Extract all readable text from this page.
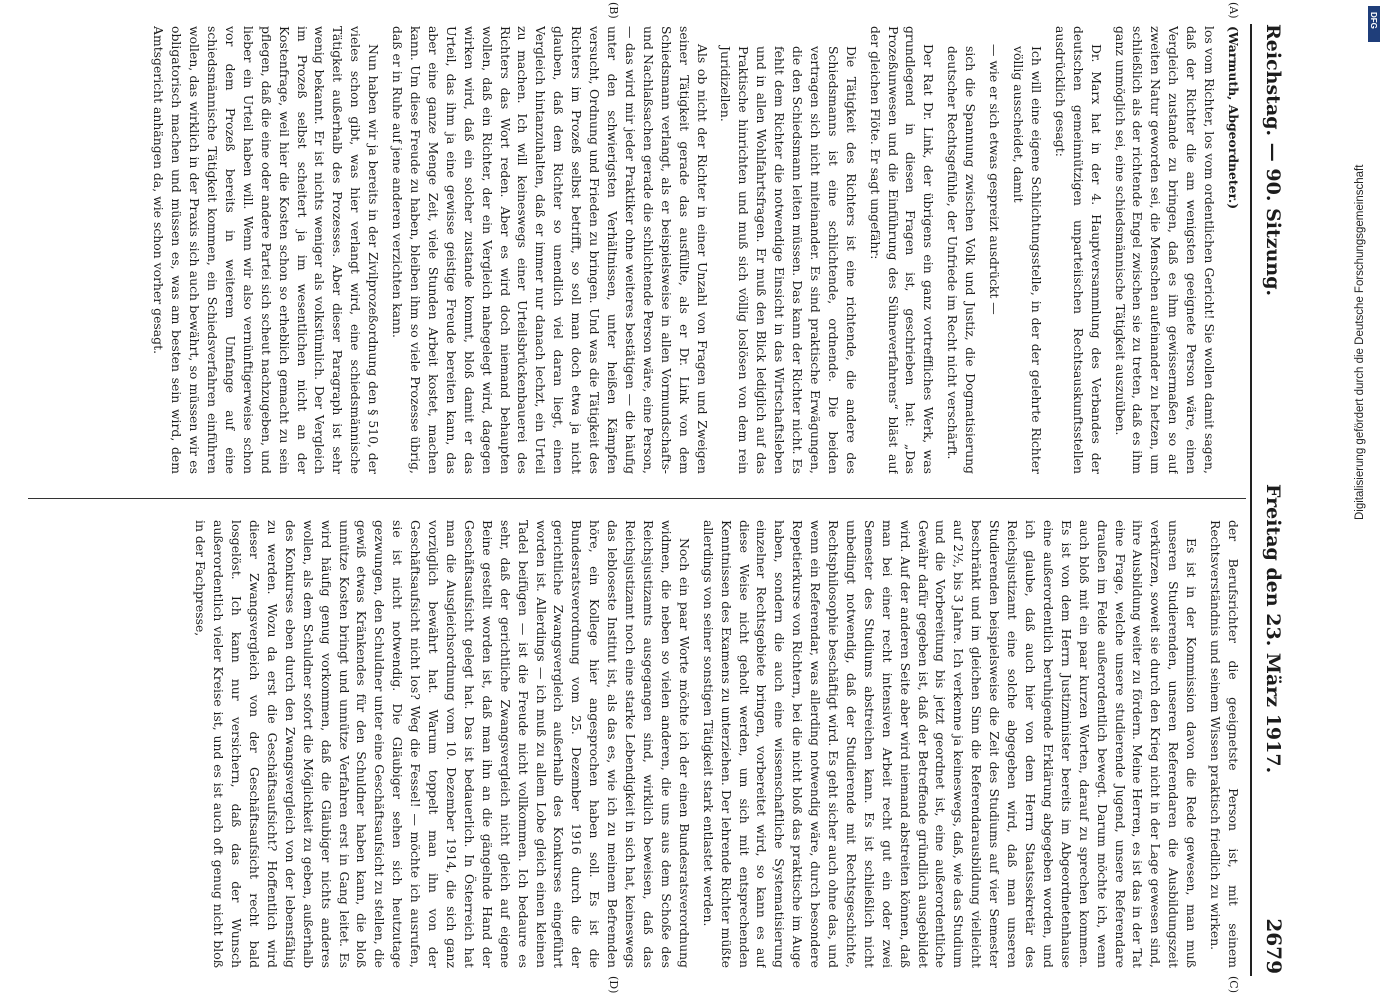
Reichstag. — 90. Sitzung.
Freitag den 23. März 1917.
2679
(A)
(B)
(C)
(D)

(Warmuth, Abgeordneter.)

los vom Richter, los vom ordentlichen Gericht! Sie wollen damit sagen, daß der Richter die am wenigsten geeignete Person wäre, einen Vergleich zustande zu bringen, daß es ihm gewissermaßen so auf zweiten Natur geworden sei, die Menschen aufeinander zu hetzen, um schließlich als der richtende Engel zwischen sie zu treten, daß es ihm ganz unmöglich sei, eine schiedsmännische Tätigkeit auszuüben.

Dr. Marx hat in der 4. Hauptversammlung des Verbandes der deutschen gemeinnützigen unparteiischen Rechtsauskunftsstellen ausdrücklich gesagt:

Ich will eine eigene Schlichtungsstelle, in der der gelehrte Richter völlig ausscheidet, damit

— wie er sich etwas gespreizt ausdrückt —

sich die Spannung zwischen Volk und Justiz, die Dogmatisierung deutscher Rechtsgefühle, der Unfriede im Recht nicht verschärft.

Der Rat Dr. Link, der übrigens ein ganz vortreffliches Werk, was grundlegend in diesen Fragen ist, geschrieben hat: „Das Prozeßunwesen und die Einführung des Sühneverfahrens“ bläst auf der gleichen Flöte. Er sagt ungefähr:

Die Tätigkeit des Richters ist eine richtende, die andere des Schiedsmanns ist eine schlichtende, ordnende. Die beiden vertragen sich nicht miteinander. Es sind praktische Erwägungen, die den Schiedsmann leiten müssen. Das kann der Richter nicht. Es fehlt dem Richter die notwendige Einsicht in das Wirtschaftsleben und in allen Wohlfahrtsfragen. Er muß den Blick lediglich auf das Praktische hinrichten und muß sich völlig loslösen von dem rein Juridizellen.

Als ob nicht der Richter in einer Unzahl von Fragen und Zweigen seiner Tätigkeit gerade das ausfüllte, als er Dr. Link von dem Schiedsmann verlangt, als er beispielsweise in allen Vormundschafts- und Nachlaßsachen gerade die schlichtende Person wäre, eine Person, — das wird mir jeder Praktiker ohne weiteres bestätigen — die häufig unter den schwierigsten Verhältnissen, unter heißen Kämpfen versucht, Ordnung und Frieden zu bringen. Und was die Tätigkeit des Richters im Prozeß selbst betrifft, so soll man doch etwa ja nicht glauben, daß dem Richter so unendlich viel daran liegt, einen Vergleich hintanzuhalten, daß er immer nur danach lechzt, ein Urteil zu machen. Ich will keineswegs einer Urteilsbrückenbauerei des Richters das Wort reden. Aber es wird doch niemand behaupten wollen, daß ein Richter, der ein Vergleich nahegelegt wird, dagegen wirken wird, daß ein solcher zustande kommt, bloß damit er das Urteil, das ihm ja eine gewisse geistige Freude bereiten kann, das aber eine ganze Menge Zeit, viele Stunden Arbeit kostet, machen kann. Um diese Freude zu haben, bleiben ihm so viele Prozesse übrig, daß er in Ruhe auf jene anderen verzichten kann.

Nun haben wir ja bereits in der Zivilprozeßordnung den § 510, der vieles schon gibt, was hier verlangt wird, eine schiedsmännische Tätigkeit außerhalb des Prozesses. Aber dieser Paragraph ist sehr wenig bekannt. Er ist nichts weniger als volkstümlich. Der Vergleich im Prozeß selbst scheitert ja im wesentlichen nicht an der Kostenfrage, weil hier die Kosten schon so erheblich gemacht zu sein pflegen, daß die eine oder andere Partei sich scheut nachzugeben, und lieber ein Urteil haben will. Wenn wir also vernünftigerweise schon vor dem Prozeß bereits in weiterem Umfange auf eine schiedsmännische Tätigkeit kommen, ein Schiedsverfahren einführen wollen, das wirklich in der Praxis sich auch bewährt, so müssen wir es obligatorisch machen und müssen es, was am besten sein wird, dem Amtsgericht anhängen da, wie schon vorher gesagt.

der Berufsrichter die geeignetste Person ist, mit seinem Rechtsverständnis und seinem Wissen praktisch friedlich zu wirken.

Es ist in der Kommission davon die Rede gewesen, man muß unseren Studierenden, unseren Referendaren die Ausbildungszeit verkürzen, soweit sie durch den Krieg nicht in der Lage gewesen sind, ihre Ausbildung weiter zu fördern. Meine Herren, es ist das in der Tat eine Frage, welche unsere studierende Jugend, unsere Referendare draußen im Felde außerordentlich bewegt. Darum möchte ich, wenn auch bloß mit ein paar kurzen Worten, darauf zu sprechen kommen. Es ist von dem Herrn Justizminister bereits im Abgeordnetenhause eine außerordentlich beruhigende Erklärung abgegeben worden, und ich glaube, daß auch hier von dem Herrn Staatssekretär des Reichsjustizamt eine solche abgegeben wird, daß man unseren Studierenden beispielsweise die Zeit des Studiums auf vier Semester beschränkt und im gleichen Sinn die Referendarausbildung vielleicht auf 2½, bis 3 Jahre. Ich verkenne ja keineswegs, daß, wie das Studium und die Vorbereitung bis jetzt geordnet ist, eine außerordentliche Gewähr dafür gegeben ist, daß der Betreffende gründlich ausgebildet wird. Auf der anderen Seite aber wird niemand abstreiten können, daß man bei einer recht intensiven Arbeit recht gut ein oder zwei Semester des Studiums abstreichen kann. Es ist schließlich nicht unbedingt notwendig, daß der Studierende mit Rechtsgeschichte, Rechtsphilosophie beschäftigt wird. Es geht sicher auch ohne das, und wenn ein Referendar, was allerding notwendig wäre, durch besondere Repetierkurse von Richtern, bei die nicht bloß das praktische im Auge haben, sondern die auch eine wissenschaftliche Systematisierung einzelner Rechtsgebiete bringen, vorbereitet wird, so kann es auf diese Weise nicht geholt werden, um sich mit entsprechenden Kenntnissen des Examens zu unterziehen. Der lehrende Richter müßte allerdings von seiner sonstigen Tätigkeit stark entlastet werden.

Noch ein paar Worte möchte ich der einen Bundesratsverordnung widmen, die neben so vielen anderen, die uns aus dem Schoße des Reichsjustizamts ausgegangen sind, wirklich beweisen, daß das Reichsjustizamt noch eine starke Lebendigkeit in sich hat, keineswegs das lebloseste Institut ist, als das es, wie ich zu meinem Befremden höre, ein Kollege hier angesprochen haben soll. Es ist die Bundesratsverordnung vom 25. Dezember 1916 durch die der gerichtliche Zwangsvergleich außerhalb des Konkurses eingeführt worden ist. Allerdings — ich muß zu allem Lobe gleich einen kleinen Tadel beifügen — ist die Freude nicht vollkommen. Ich bedaure es sehr, daß der gerichtliche Zwangsvergleich nicht gleich auf eigene Beine gestellt worden ist, daß man ihn an die gängelnde Hand der Geschäftsaufsicht gelegt hat. Das ist bedauerlich. In Österreich hat man die Ausgleichsordnung vom 10. Dezember 1914, die sich ganz vorzüglich bewährt hat. Warum toppelt man ihn von der Geschäftsaufsicht nicht los? Weg die Fessel! — möchte ich ausrufen, sie ist nicht notwendig. Die Gläubiger sehen sich heutzutage gezwungen, den Schuldner unter eine Geschäftsaufsicht zu stellen, die gewiß etwas Kränkendes für den Schuldner haben kann, die bloß unnütze Kosten bringt und unnütze Verfahren erst in Gang leitet. Es wird häufig genug vorkommen, daß die Gläubiger nichts anderes wollen, als dem Schuldner sofort die Möglichkeit zu geben, außerhalb des Konkurses eben durch den Zwangsvergleich von der lebensfähig zu werden. Wozu da erst die Geschäftsaufsicht? Hoffentlich wird dieser Zwangsvergleich von der Geschäftsaufsicht recht bald losgelöst. Ich kann nur versichern, daß das der Wunsch außerordentlich vieler Kreise ist, und es ist auch oft genug nicht bloß in der Fachpresse,

Digitalisierung gefördert durch die Deutsche Forschungsgemeinschaft
DFG
